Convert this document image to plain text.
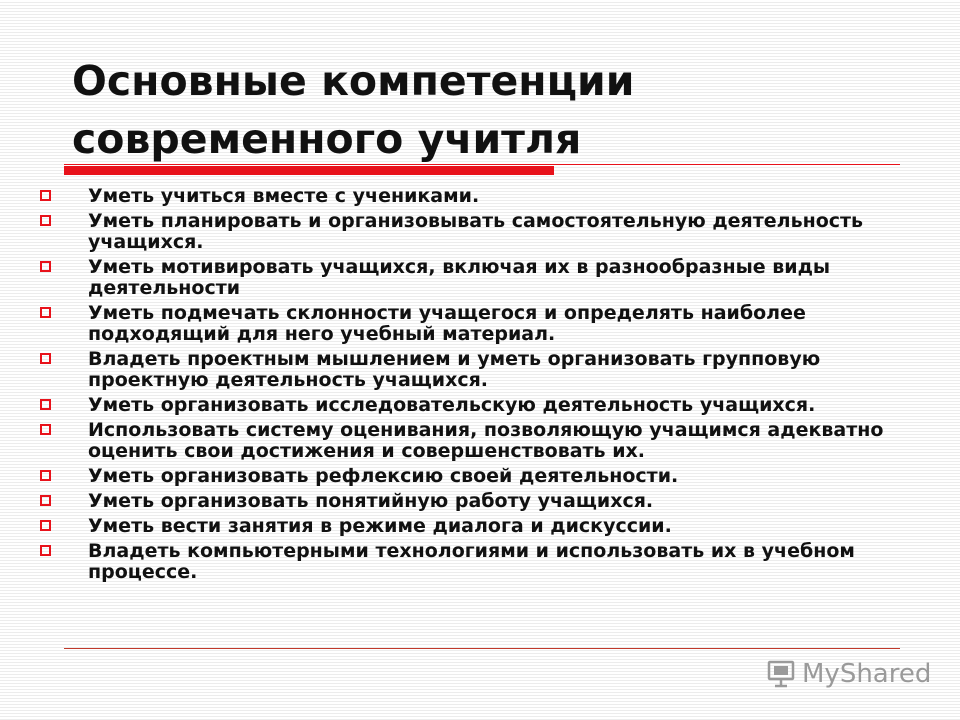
Основные компетенции
современного учитля
Уметь учиться вместе с учениками.
Уметь планировать и организовывать самостоятельную деятельность учащихся.
Уметь мотивировать учащихся, включая их в разнообразные виды деятельности
Уметь подмечать склонности учащегося и определять наиболее подходящий для него учебный материал.
Владеть проектным мышлением и уметь организовать групповую проектную деятельность учащихся.
Уметь организовать исследовательскую деятельность учащихся.
Использовать систему оценивания, позволяющую учащимся адекватно оценить свои достижения и совершенствовать их.
Уметь организовать рефлексию своей деятельности.
Уметь организовать понятийную работу учащихся.
Уметь вести занятия в режиме диалога и дискуссии.
Владеть компьютерными технологиями и использовать их в учебном процессе.
MyShared
